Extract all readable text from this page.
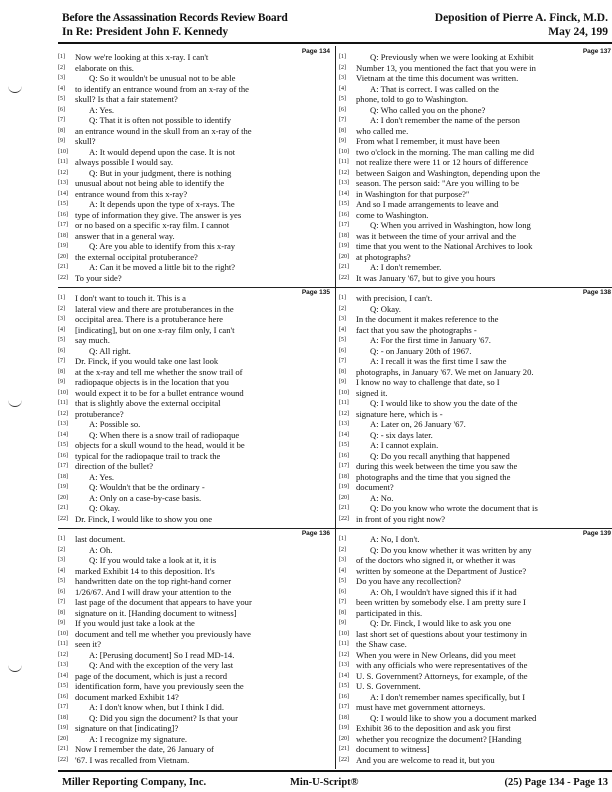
Before the Assassination Records Review Board
In Re: President John F. Kennedy
Deposition of Pierre A. Finck, M.D.
May 24, 199
Page 134
[1] Now we're looking at this x-ray. I can't
[2] elaborate on this.
[3]	Q: So it wouldn't be unusual not to be able
[4] to identify an entrance wound from an x-ray of the
[5] skull? Is that a fair statement?
[6]	A: Yes.
[7]	Q: That it is often not possible to identify
[8] an entrance wound in the skull from an x-ray of the
[9] skull?
[10] A: It would depend upon the case. It is not
[11] always possible I would say.
[12] Q: But in your judgment, there is nothing
[13] unusual about not being able to identify the
[14] entrance wound from this x-ray?
[15] A: It depends upon the type of x-rays. The
[16] type of information they give. The answer is yes
[17] or no based on a specific x-ray film. I cannot
[18] answer that in a general way.
[19] Q: Are you able to identify from this x-ray
[20] the external occipital protuberance?
[21] A: Can it be moved a little bit to the right?
[22] To your side?
Page 137
[1]	Q: Previously when we were looking at Exhibit
[2] Number 13, you mentioned the fact that you were in
[3] Vietnam at the time this document was written.
[4]	A: That is correct. I was called on the
[5] phone, told to go to Washington.
[6]	Q: Who called you on the phone?
[7]	A: I don't remember the name of the person
[8] who called me.
[9] From what I remember, it must have been
[10] two o'clock in the morning. The man calling me did
[11] not realize there were 11 or 12 hours of difference
[12] between Saigon and Washington, depending upon the
[13] season. The person said: "Are you willing to be
[14] in Washington for that purpose?"
[15] And so I made arrangements to leave and
[16] come to Washington.
[17] Q: When you arrived in Washington, how long
[18] was it between the time of your arrival and the
[19] time that you went to the National Archives to look
[20] at photographs?
[21] A: I don't remember.
[22] It was January '67, but to give you hours
Page 135
[1] I don't want to touch it. This is a
[2] lateral view and there are protuberances in the
[3] occipital area. There is a protuberance here
[4] [indicating], but on one x-ray film only, I can't
[5] say much.
[6]	Q: All right.
[7] Dr. Finck, if you would take one last look
[8] at the x-ray and tell me whether the snow trail of
[9] radiopaque objects is in the location that you
[10] would expect it to be for a bullet entrance wound
[11] that is slightly above the external occipital
[12] protuberance?
[13] A: Possible so.
[14] Q: When there is a snow trail of radiopaque
[15] objects for a skull wound to the head, would it be
[16] typical for the radiopaque trail to track the
[17] direction of the bullet?
[18] A: Yes.
[19] Q: Wouldn't that be the ordinary -
[20] A: Only on a case-by-case basis.
[21] Q: Okay.
[22] Dr. Finck, I would like to show you one
Page 138
[1] with precision, I can't.
[2]	Q: Okay.
[3] In the document it makes reference to the
[4] fact that you saw the photographs -
[5]	A: For the first time in January '67.
[6]	Q: - on January 20th of 1967.
[7]	A: I recall it was the first time I saw the
[8] photographs, in January '67. We met on January 20.
[9] I know no way to challenge that date, so I
[10] signed it.
[11] Q: I would like to show you the date of the
[12] signature here, which is -
[13] A: Later on, 26 January '67.
[14] Q: - six days later.
[15] A: I cannot explain.
[16] Q: Do you recall anything that happened
[17] during this week between the time you saw the
[18] photographs and the time that you signed the
[19] document?
[20] A: No.
[21] Q: Do you know who wrote the document that is
[22] in front of you right now?
Page 136
[1] last document.
[2]	A: Oh.
[3]	Q: If you would take a look at it, it is
[4] marked Exhibit 14 to this deposition. It's
[5] handwritten date on the top right-hand corner
[6] 1/26/67. And I will draw your attention to the
[7] last page of the document that appears to have your
[8] signature on it. [Handing document to witness]
[9] If you would just take a look at the
[10] document and tell me whether you previously have
[11] seen it?
[12] A: [Perusing document] So I read MD-14.
[13] Q: And with the exception of the very last
[14] page of the document, which is just a record
[15] identification form, have you previously seen the
[16] document marked Exhibit 14?
[17] A: I don't know when, but I think I did.
[18] Q: Did you sign the document? Is that your
[19] signature on that [indicating]?
[20] A: I recognize my signature.
[21] Now I remember the date, 26 January of
[22] '67. I was recalled from Vietnam.
Page 139
[1]	A: No, I don't.
[2]	Q: Do you know whether it was written by any
[3] of the doctors who signed it, or whether it was
[4] written by someone at the Department of Justice?
[5] Do you have any recollection?
[6]	A: Oh, I wouldn't have signed this if it had
[7] been written by somebody else. I am pretty sure I
[8] participated in this.
[9]	Q: Dr. Finck, I would like to ask you one
[10] last short set of questions about your testimony in
[11] the Shaw case.
[12] When you were in New Orleans, did you meet
[13] with any officials who were representatives of the
[14] U. S. Government? Attorneys, for example, of the
[15] U. S. Government.
[16] A: I don't remember names specifically, but I
[17] must have met government attorneys.
[18] Q: I would like to show you a document marked
[19] Exhibit 36 to the deposition and ask you first
[20] whether you recognize the document? [Handing
[21] document to witness]
[22] And you are welcome to read it, but you
Miller Reporting Company, Inc.	Min-U-Script®	(25) Page 134 - Page 13
